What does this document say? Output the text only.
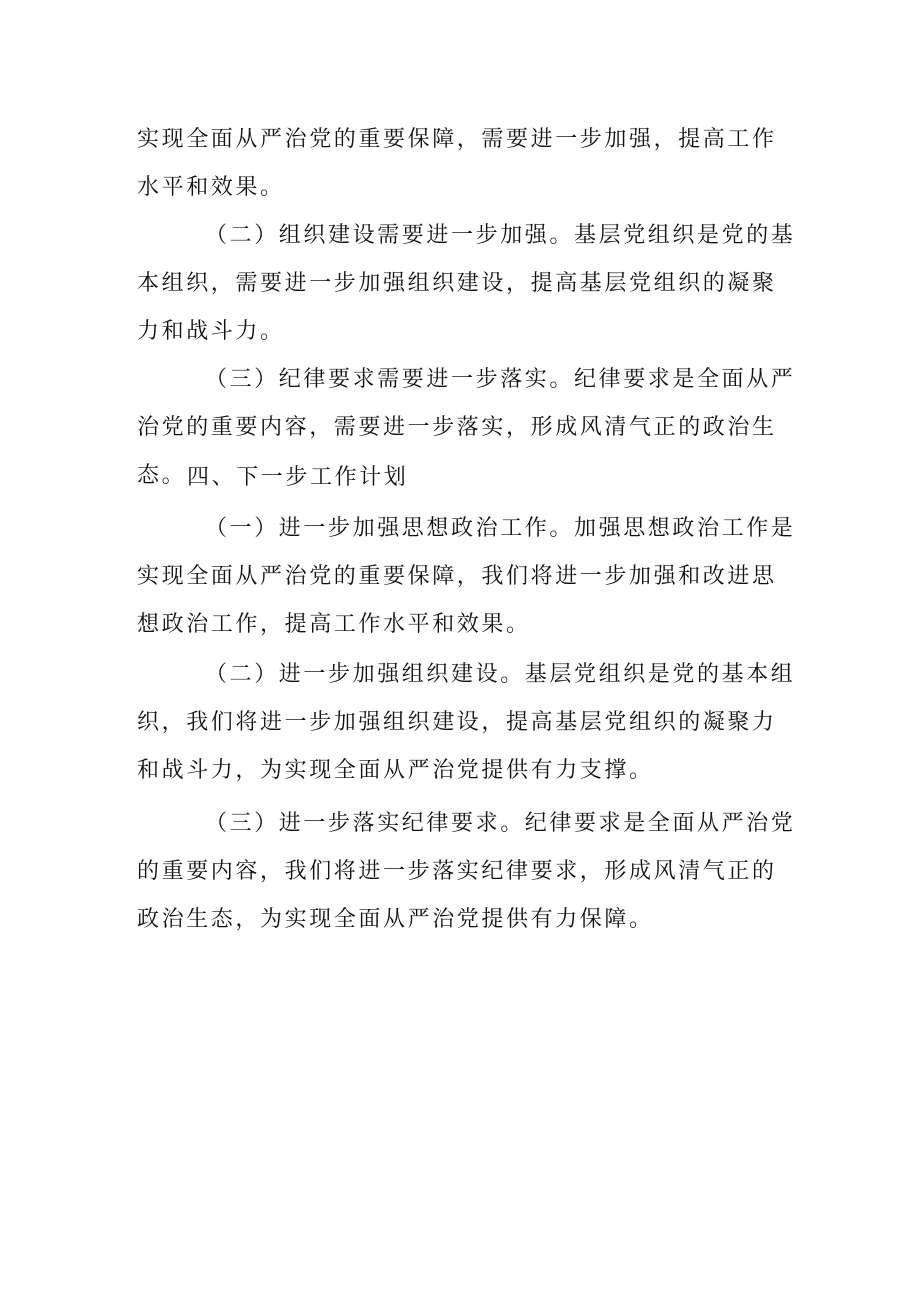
实现全面从严治党的重要保障，需要进一步加强，提高工作水平和效果。

（二）组织建设需要进一步加强。基层党组织是党的基本组织，需要进一步加强组织建设，提高基层党组织的凝聚力和战斗力。

（三）纪律要求需要进一步落实。纪律要求是全面从严治党的重要内容，需要进一步落实，形成风清气正的政治生态。 四、下一步工作计划

（一）进一步加强思想政治工作。加强思想政治工作是实现全面从严治党的重要保障，我们将进一步加强和改进思想政治工作，提高工作水平和效果。

（二）进一步加强组织建设。基层党组织是党的基本组织，我们将进一步加强组织建设，提高基层党组织的凝聚力和战斗力，为实现全面从严治党提供有力支撑。

（三）进一步落实纪律要求。纪律要求是全面从严治党的重要内容，我们将进一步落实纪律要求，形成风清气正的政治生态，为实现全面从严治党提供有力保障。
